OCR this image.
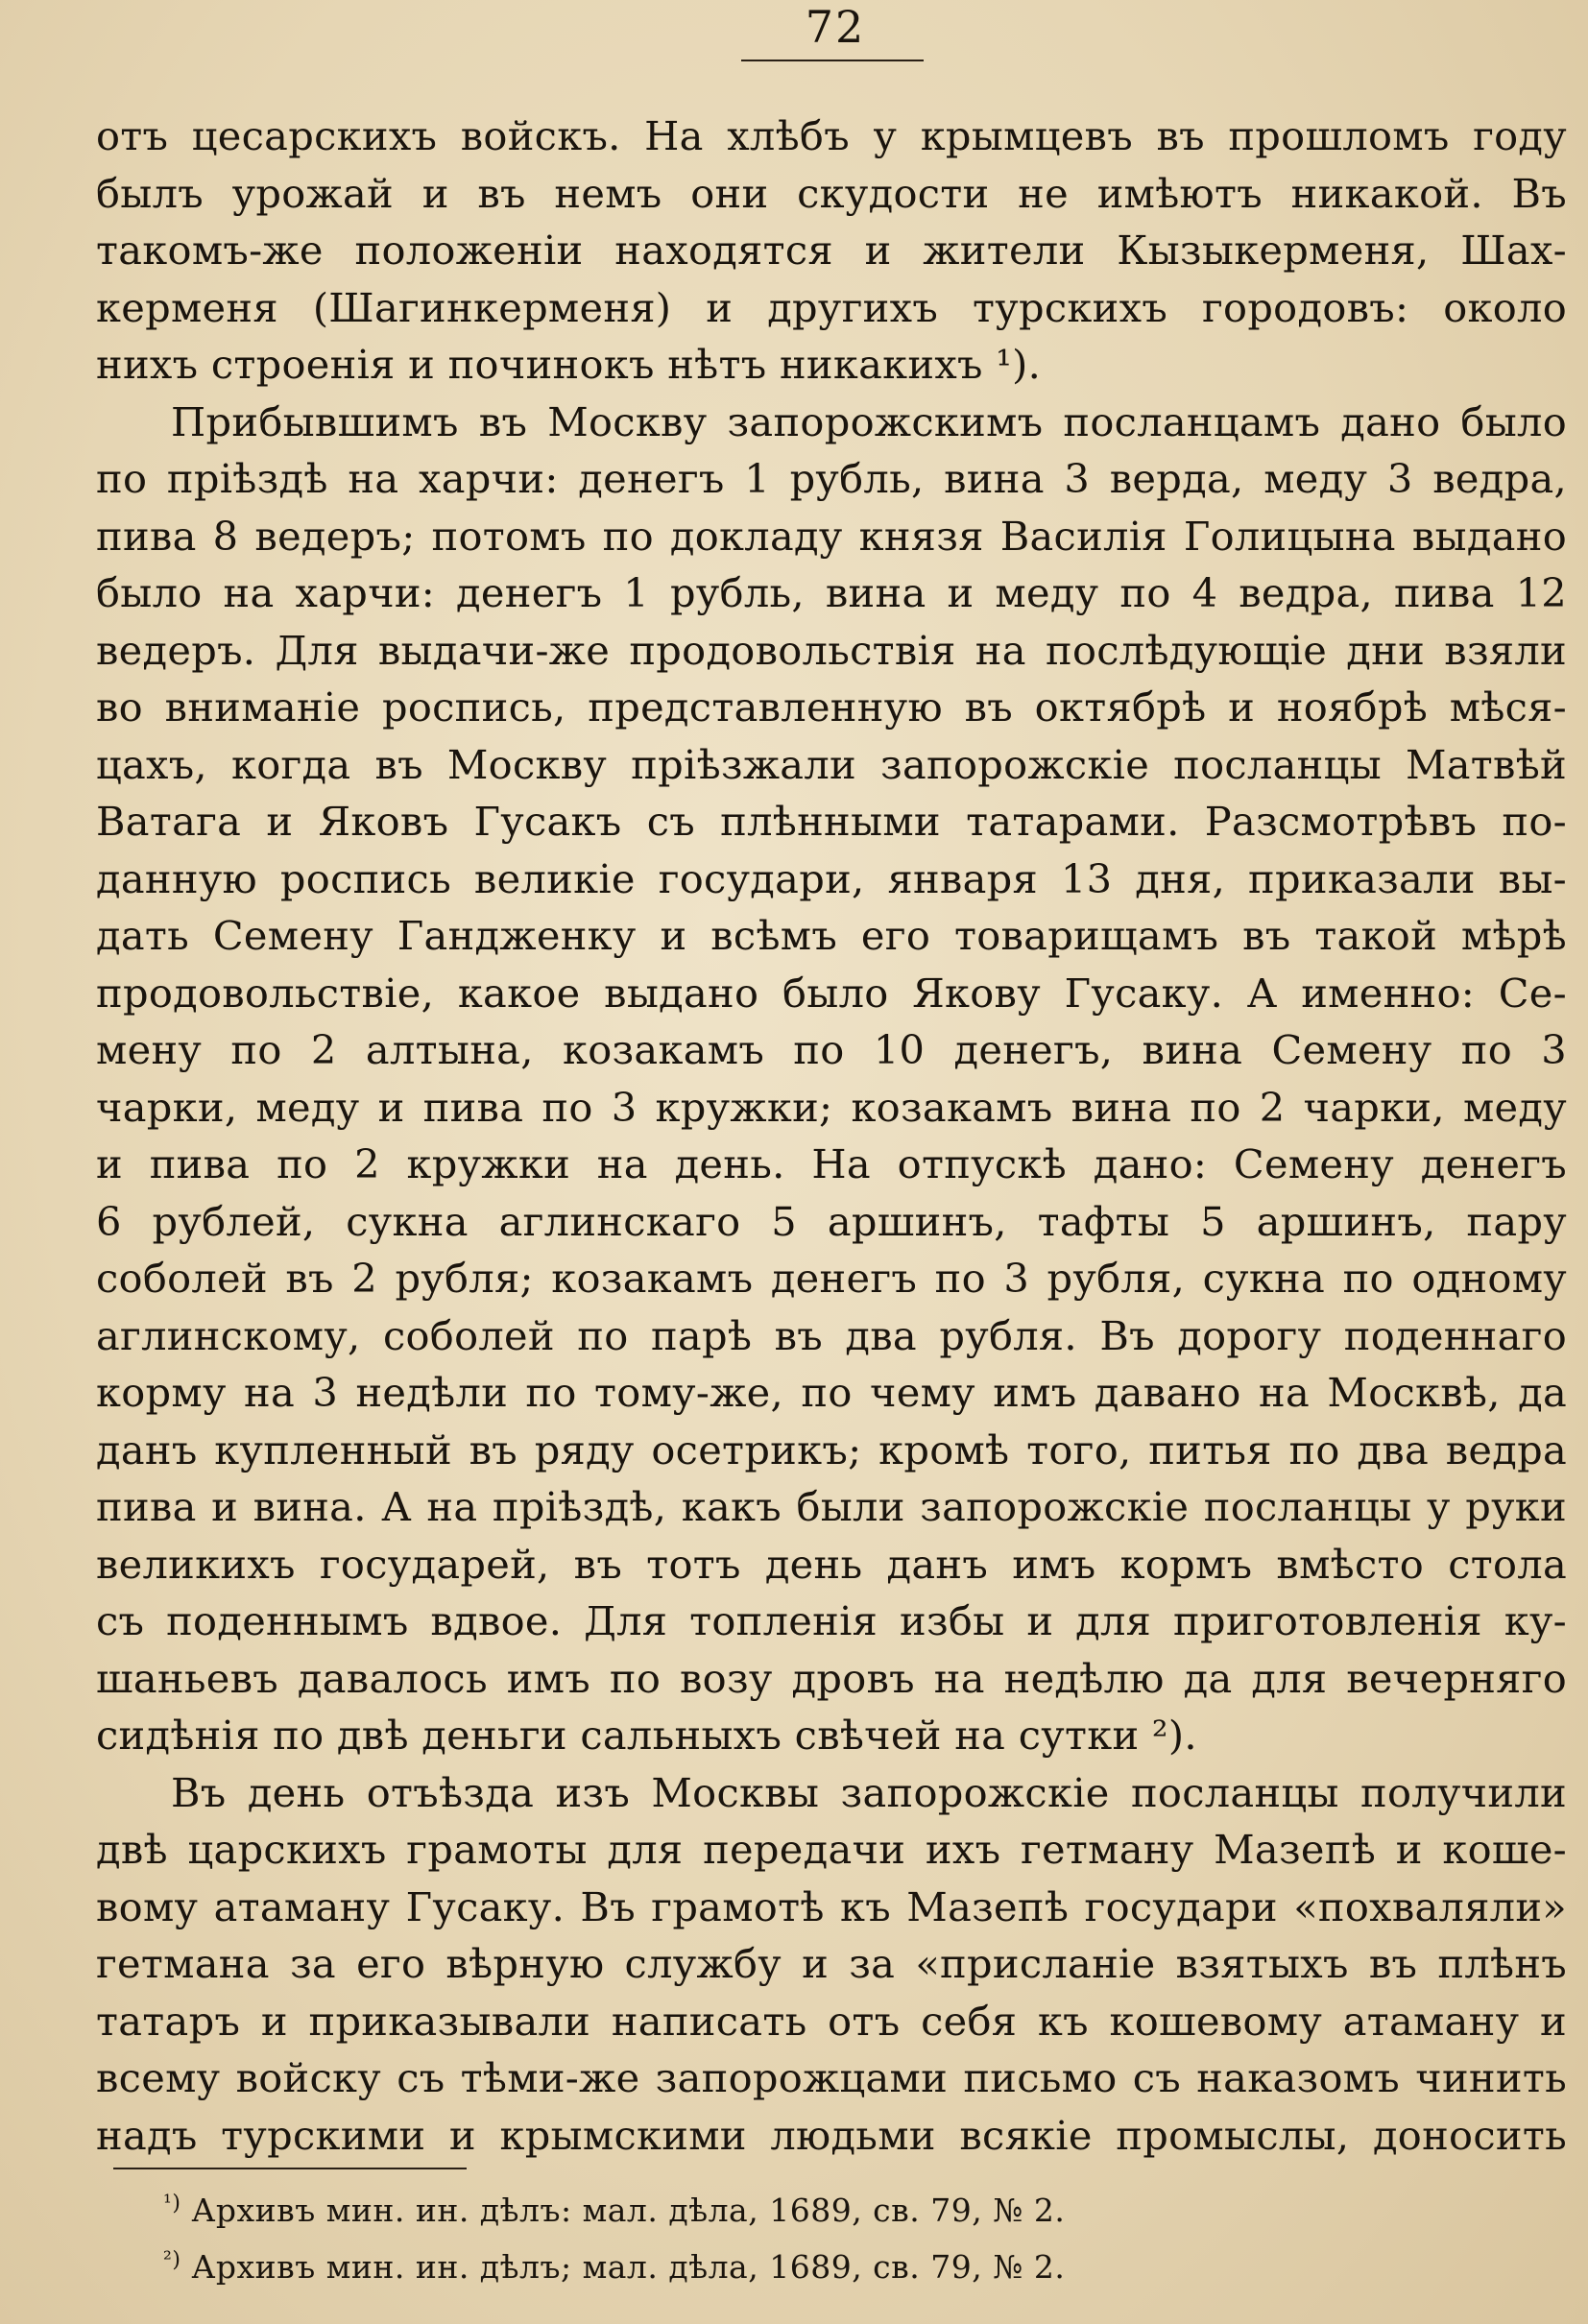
72

отъ цесарскихъ войскъ. На хлѣбъ у крымцевъ въ прошломъ году
былъ урожай и въ немъ они скудости не имѣютъ никакой. Въ
такомъ-же положеніи находятся и жители Кызыкерменя, Шах-
керменя (Шагинкерменя) и другихъ турскихъ городовъ: около
нихъ строенія и починокъ нѣтъ никакихъ ¹).

Прибывшимъ въ Москву запорожскимъ посланцамъ дано было
по пріѣздѣ на харчи: денегъ 1 рубль, вина 3 верда, меду 3 ведра,
пива 8 ведеръ; потомъ по докладу князя Василія Голицына выдано
было на харчи: денегъ 1 рубль, вина и меду по 4 ведра, пива 12
ведеръ. Для выдачи-же продовольствія на послѣдующіе дни взяли
во вниманіе роспись, представленную въ октябрѣ и ноябрѣ мѣся-
цахъ, когда въ Москву пріѣзжали запорожскіе посланцы Матвѣй
Ватага и Яковъ Гусакъ съ плѣнными татарами. Разсмотрѣвъ по-
данную роспись великіе государи, января 13 дня, приказали вы-
дать Семену Гандженку и всѣмъ его товарищамъ въ такой мѣрѣ
продовольствіе, какое выдано было Якову Гусаку. А именно: Се-
мену по 2 алтына, козакамъ по 10 денегъ, вина Семену по 3
чарки, меду и пива по 3 кружки; козакамъ вина по 2 чарки, меду
и пива по 2 кружки на день. На отпускѣ дано: Семену денегъ
6 рублей, сукна аглинскаго 5 аршинъ, тафты 5 аршинъ, пару
соболей въ 2 рубля; козакамъ денегъ по 3 рубля, сукна по одному
аглинскому, соболей по парѣ въ два рубля. Въ дорогу поденнаго
корму на 3 недѣли по тому-же, по чему имъ давано на Москвѣ, да
данъ купленный въ ряду осетрикъ; кромѣ того, питья по два ведра
пива и вина. А на пріѣздѣ, какъ были запорожскіе посланцы у руки
великихъ государей, въ тотъ день данъ имъ кормъ вмѣсто стола
съ поденнымъ вдвое. Для топленія избы и для приготовленія ку-
шаньевъ давалось имъ по возу дровъ на недѣлю да для вечерняго
сидѣнія по двѣ деньги сальныхъ свѣчей на сутки ²).

Въ день отъѣзда изъ Москвы запорожскіе посланцы получили
двѣ царскихъ грамоты для передачи ихъ гетману Мазепѣ и коше-
вому атаману Гусаку. Въ грамотѣ къ Мазепѣ государи «похваляли»
гетмана за его вѣрную службу и за «присланіе взятыхъ въ плѣнъ
татаръ и приказывали написать отъ себя къ кошевому атаману и
всему войску съ тѣми-же запорожцами письмо съ наказомъ чинить
надъ турскими и крымскими людьми всякіе промыслы, доносить

$^{^1)}$ Архивъ мин. ин. дѣлъ: мал. дѣла, 1689, св. 79, № 2.
$^{^2)}$ Архивъ мин. ин. дѣлъ; мал. дѣла, 1689, св. 79, № 2.
